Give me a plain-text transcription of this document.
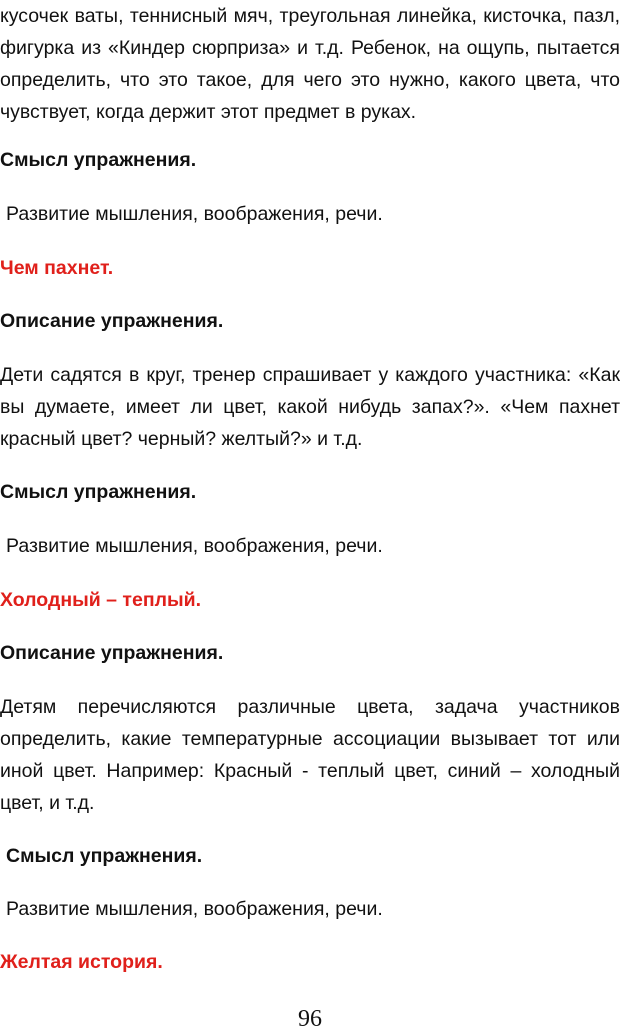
кусочек ваты, теннисный мяч, треугольная линейка, кисточка, пазл, фигурка из «Киндер сюрприза» и т.д. Ребенок, на ощупь, пытается определить, что это такое, для чего это нужно, какого цвета, что чувствует, когда держит этот предмет в руках.

Смысл упражнения.

Развитие мышления, воображения, речи.

Чем пахнет.

Описание упражнения.

Дети садятся в круг, тренер спрашивает у каждого участника: «Как вы думаете, имеет ли цвет, какой нибудь запах?». «Чем пахнет красный цвет? черный? желтый?» и т.д.

Смысл упражнения.

Развитие мышления, воображения, речи.

Холодный – теплый.

Описание упражнения.

Детям перечисляются различные цвета, задача участников определить, какие температурные ассоциации вызывает тот или иной цвет. Например: Красный - теплый цвет, синий – холодный цвет, и т.д.

Смысл упражнения.

Развитие мышления, воображения, речи.

Желтая история.

96
